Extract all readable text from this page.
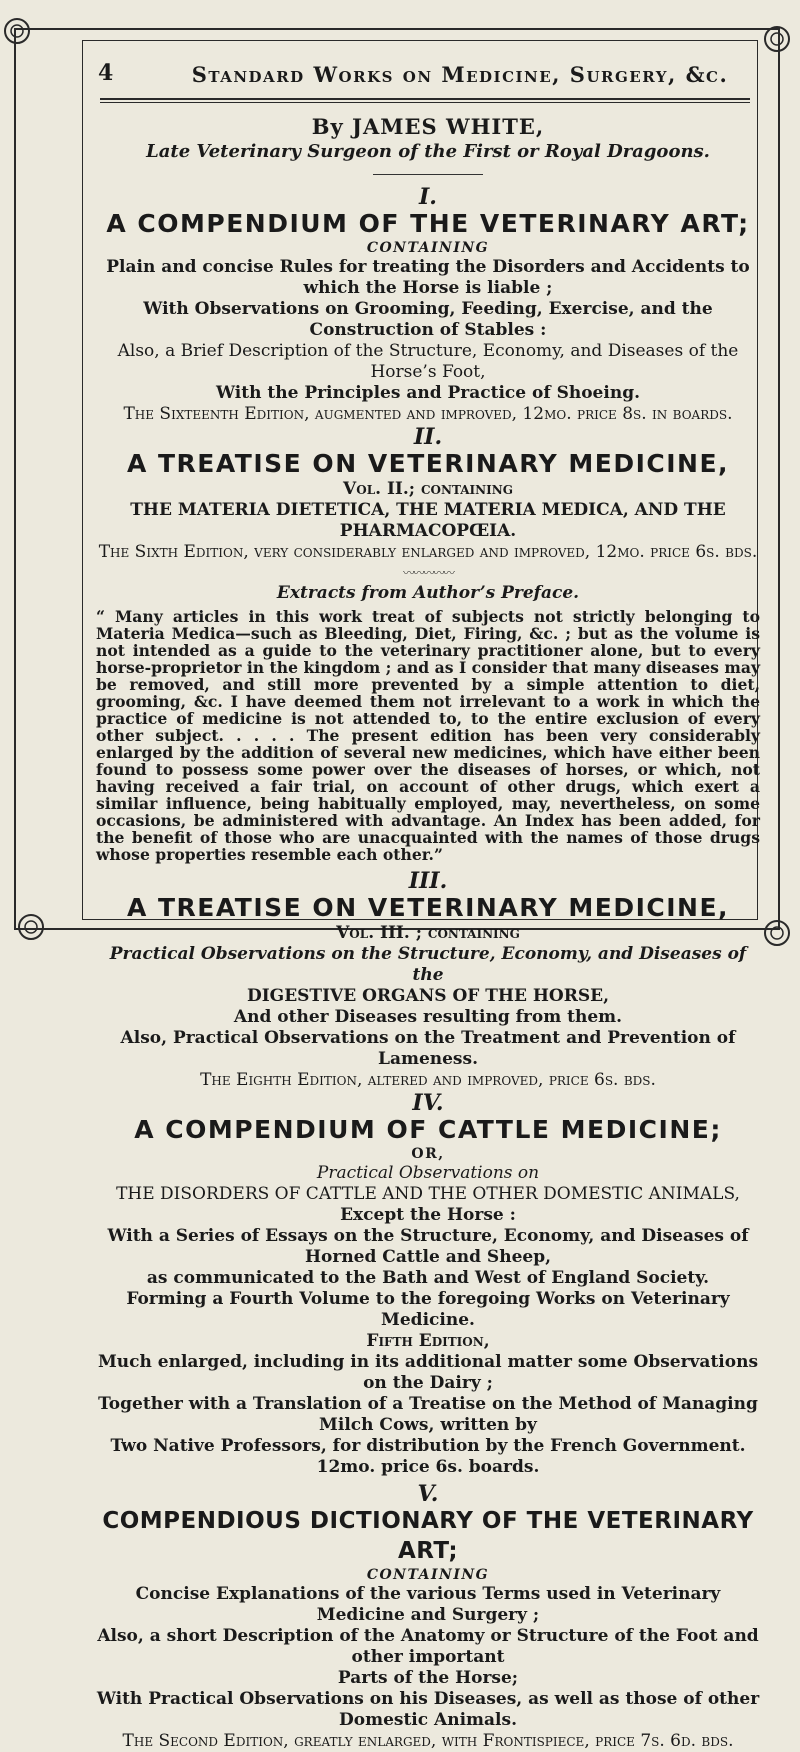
4	Standard Works on Medicine, Surgery, &c.

By JAMES WHITE,

Late Veterinary Surgeon of the First or Royal Dragoons.

I.

A COMPENDIUM OF THE VETERINARY ART;

CONTAINING

Plain and concise Rules for treating the Disorders and Accidents to which the Horse is liable ;

With Observations on Grooming, Feeding, Exercise, and the Construction of Stables :

Also, a Brief Description of the Structure, Economy, and Diseases of the Horse’s Foot,

With the Principles and Practice of Shoeing.

The Sixteenth Edition, augmented and improved, 12mo. price 8s. in boards.

II.

A TREATISE ON VETERINARY MEDICINE,

Vol. II.; containing

THE MATERIA DIETETICA, THE MATERIA MEDICA, AND THE PHARMACOPŒIA.

The Sixth Edition, very considerably enlarged and improved, 12mo. price 6s. bds.

〰〰〰〰〰

Extracts from Author’s Preface.

“ Many articles in this work treat of subjects not strictly belonging to Materia Medica—such as Bleeding, Diet, Firing, &c. ; but as the volume is not intended as a guide to the veterinary practitioner alone, but to every horse-proprietor in the kingdom ; and as I consider that many diseases may be removed, and still more prevented by a simple attention to diet, grooming, &c. I have deemed them not irrelevant to a work in which the practice of medicine is not attended to, to the entire exclusion of every other subject. . . . . The present edition has been very considerably enlarged by the addition of several new medicines, which have either been found to possess some power over the diseases of horses, or which, not having received a fair trial, on account of other drugs, which exert a similar influence, being habitually employed, may, nevertheless, on some occasions, be administered with advantage. An Index has been added, for the benefit of those who are unacquainted with the names of those drugs whose properties resemble each other.”

III.

A TREATISE ON VETERINARY MEDICINE,

Vol. III. ; containing

Practical Observations on the Structure, Economy, and Diseases of the

DIGESTIVE ORGANS OF THE HORSE,

And other Diseases resulting from them.

Also, Practical Observations on the Treatment and Prevention of Lameness.

The Eighth Edition, altered and improved, price 6s. bds.

IV.

A COMPENDIUM OF CATTLE MEDICINE;

OR,

Practical Observations on

THE DISORDERS OF CATTLE AND THE OTHER DOMESTIC ANIMALS,

Except the Horse :

With a Series of Essays on the Structure, Economy, and Diseases of Horned Cattle and Sheep,

as communicated to the Bath and West of England Society.

Forming a Fourth Volume to the foregoing Works on Veterinary Medicine.

Fifth Edition,

Much enlarged, including in its additional matter some Observations on the Dairy ;

Together with a Translation of a Treatise on the Method of Managing Milch Cows, written by

Two Native Professors, for distribution by the French Government.

12mo. price 6s. boards.

V.

COMPENDIOUS DICTIONARY OF THE VETERINARY ART;

CONTAINING

Concise Explanations of the various Terms used in Veterinary Medicine and Surgery ;

Also, a short Description of the Anatomy or Structure of the Foot and other important

Parts of the Horse;

With Practical Observations on his Diseases, as well as those of other Domestic Animals.

The Second Edition, greatly enlarged, with Frontispiece, price 7s. 6d. bds.
